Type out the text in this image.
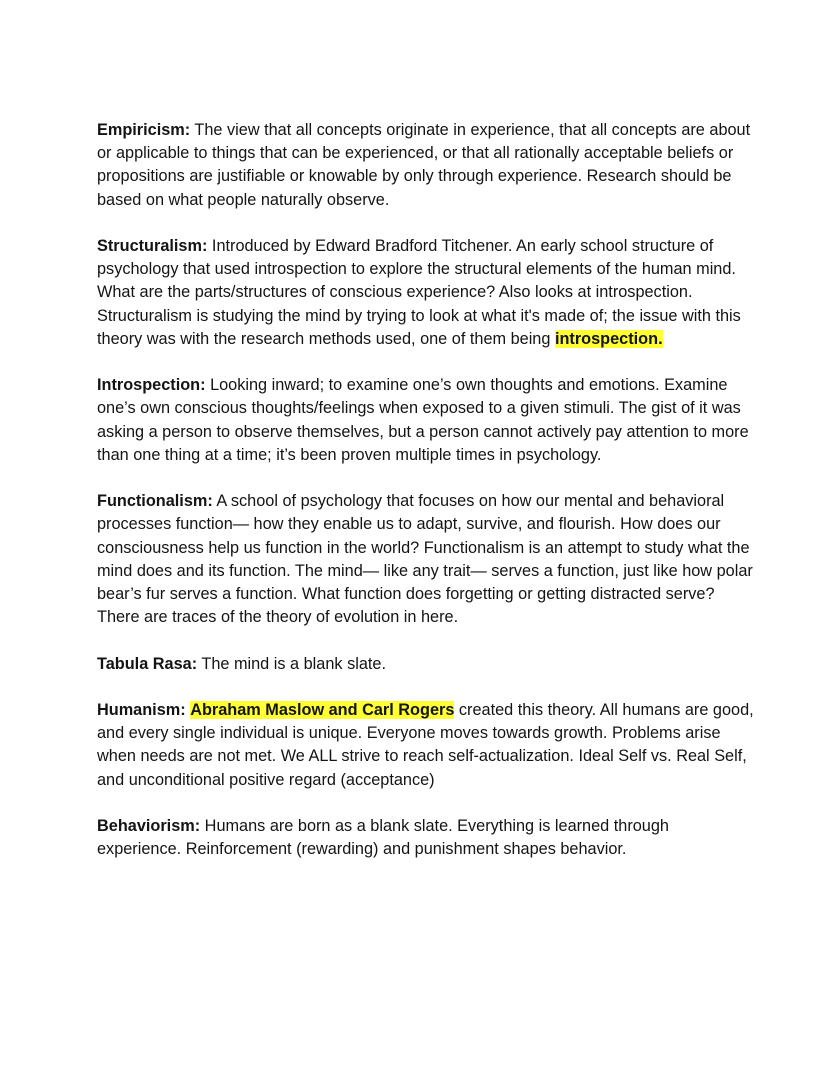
Empiricism: The view that all concepts originate in experience, that all concepts are about or applicable to things that can be experienced, or that all rationally acceptable beliefs or propositions are justifiable or knowable by only through experience. Research should be based on what people naturally observe.

Structuralism: Introduced by Edward Bradford Titchener. An early school structure of psychology that used introspection to explore the structural elements of the human mind. What are the parts/structures of conscious experience? Also looks at introspection. Structuralism is studying the mind by trying to look at what it's made of; the issue with this theory was with the research methods used, one of them being introspection.

Introspection: Looking inward; to examine one’s own thoughts and emotions. Examine one’s own conscious thoughts/feelings when exposed to a given stimuli. The gist of it was asking a person to observe themselves, but a person cannot actively pay attention to more than one thing at a time; it’s been proven multiple times in psychology.

Functionalism: A school of psychology that focuses on how our mental and behavioral processes function— how they enable us to adapt, survive, and flourish. How does our consciousness help us function in the world? Functionalism is an attempt to study what the mind does and its function. The mind— like any trait— serves a function, just like how polar bear’s fur serves a function. What function does forgetting or getting distracted serve? There are traces of the theory of evolution in here.

Tabula Rasa: The mind is a blank slate.

Humanism: Abraham Maslow and Carl Rogers created this theory. All humans are good, and every single individual is unique. Everyone moves towards growth. Problems arise when needs are not met. We ALL strive to reach self-actualization. Ideal Self vs. Real Self, and unconditional positive regard (acceptance)

Behaviorism: Humans are born as a blank slate. Everything is learned through experience. Reinforcement (rewarding) and punishment shapes behavior.
